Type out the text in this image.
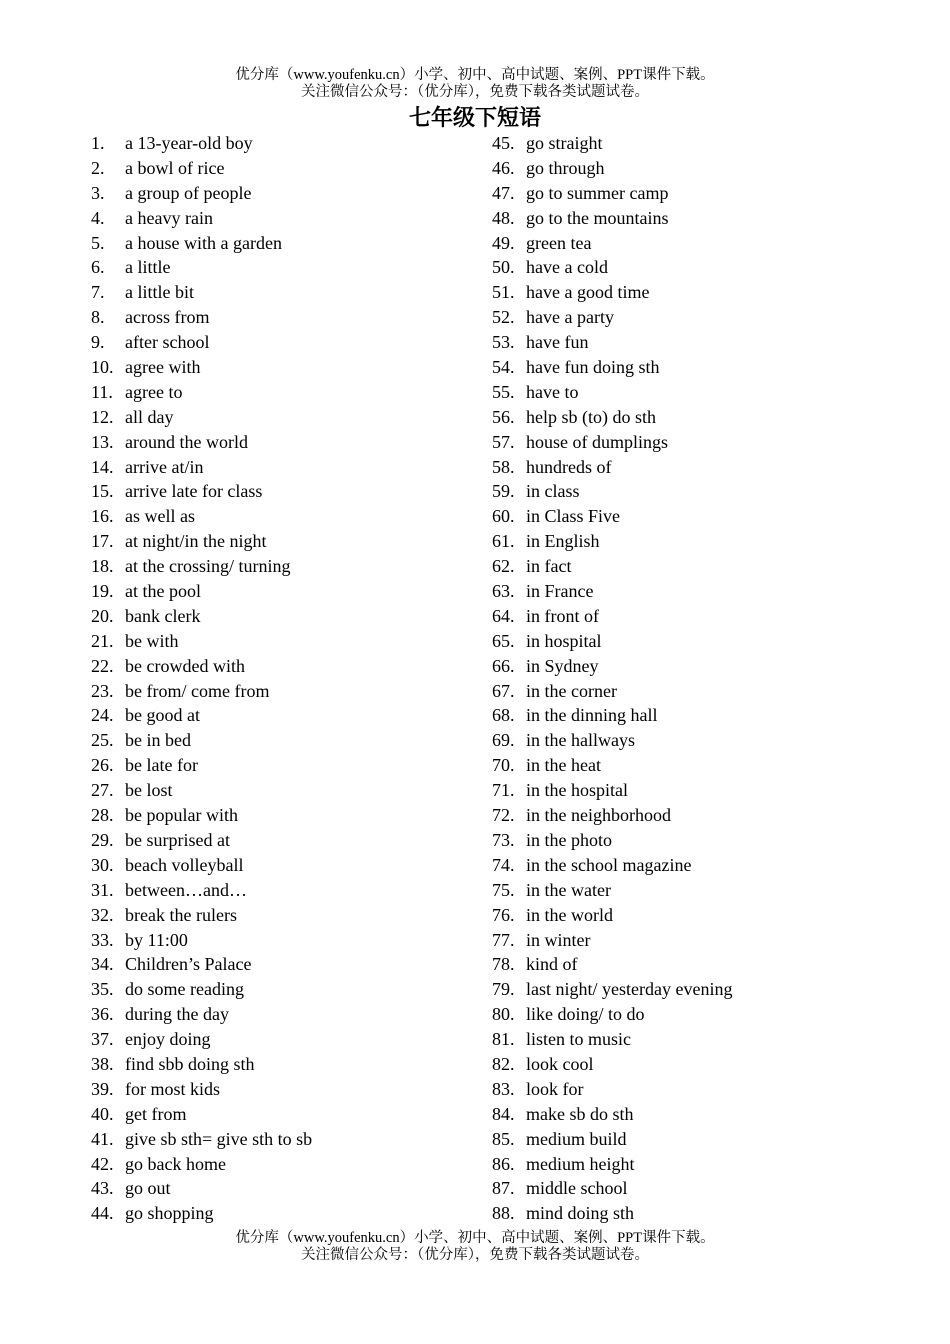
优分库（www.youfenku.cn）小学、初中、高中试题、案例、PPT课件下载。
关注微信公众号：（优分库），免费下载各类试题试卷。
七年级下短语
1.	a 13-year-old boy
2.	a bowl of rice
3.	a group of people
4.	a heavy rain
5.	a house with a garden
6.	a little
7.	a little bit
8.	across from
9.	after school
10. agree with
11. agree to
12. all day
13. around the world
14. arrive at/in
15. arrive late for class
16. as well as
17. at night/in the night
18. at the crossing/ turning
19. at the pool
20. bank clerk
21. be with
22. be crowded with
23. be from/ come from
24. be good at
25. be in bed
26. be late for
27. be lost
28. be popular with
29. be surprised at
30. beach volleyball
31. between…and…
32. break the rulers
33. by 11:00
34. Children’s Palace
35. do some reading
36. during the day
37. enjoy doing
38. find sbb doing sth
39. for most kids
40. get from
41. give sb sth= give sth to sb
42. go back home
43. go out
44. go shopping
45. go straight
46. go through
47. go to summer camp
48. go to the mountains
49. green tea
50. have a cold
51. have a good time
52. have a party
53. have fun
54. have fun doing sth
55. have to
56. help sb (to) do sth
57. house of dumplings
58. hundreds of
59. in class
60. in Class Five
61. in English
62. in fact
63. in France
64. in front of
65. in hospital
66. in Sydney
67. in the corner
68. in the dinning hall
69. in the hallways
70. in the heat
71. in the hospital
72. in the neighborhood
73. in the photo
74. in the school magazine
75. in the water
76. in the world
77. in winter
78. kind of
79. last night/ yesterday evening
80. like doing/ to do
81. listen to music
82. look cool
83. look for
84. make sb do sth
85. medium build
86. medium height
87. middle school
88. mind doing sth
优分库（www.youfenku.cn）小学、初中、高中试题、案例、PPT课件下载。
关注微信公众号：（优分库），免费下载各类试题试卷。
